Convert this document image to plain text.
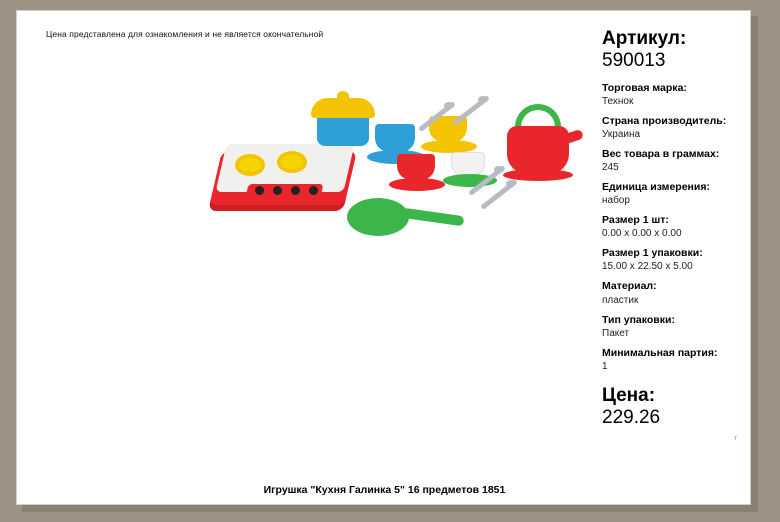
Цена представлена для ознакомления и не является окончательной	Артикул:
590013
Торговая марка:
Технок
Страна производитель:
Украина
Вес товара в граммах:
245
Единица измерения:
набор
Размер 1 шт:
0.00 x 0.00 x 0.00
Размер 1 упаковки:
15.00 x 22.50 x 5.00
Материал:
пластик
Тип упаковки:
Пакет
Минимальная партия:
1
Цена:
229.26
т
Игрушка "Кухня Галинка 5" 16 предметов 1851
